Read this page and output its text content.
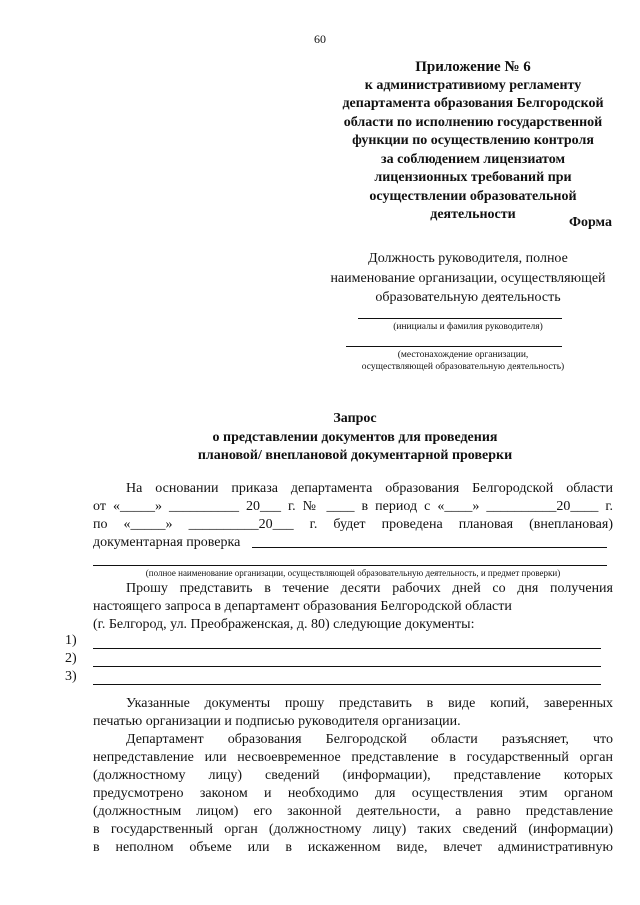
60
Приложение № 6
к административиому регламенту
департамента образования Белгородской
области по исполнению государственной
функции по осуществлению контроля
за соблюдением лицензиатом
лицензионных требований при
осуществлении образовательной
деятельности
Форма
Должность руководителя, полное
наименование организации, осуществляющей
образовательную деятельность
(инициалы и фамилия руководителя)
(местонахождение организации,
осуществляющей образовательную деятельность)
Запрос
о представлении документов для проведения
плановой/ внеплановой документарной проверки
На основании приказа департамента образования Белгородской области
от «_____» __________ 20___ г. № ____ в период с «____» __________20____ г.
по «_____» __________20___ г. будет проведена плановая (внеплановая)
документарная проверка
(полное наименование организации, осуществляющей образовательную деятельность, и предмет проверки)
Прошу представить в течение десяти рабочих дней со дня получения
настоящего запроса в департамент образования Белгородской области
(г. Белгород, ул. Преображенская, д. 80) следующие документы:
1)
2)
3)
Указанные документы прошу представить в виде копий, заверенных
печатью организации и подписью руководителя организации.
Департамент образования Белгородской области разъясняет, что
непредставление или несвоевременное представление в государственный орган
(должностному лицу) сведений (информации), представление которых
предусмотрено законом и необходимо для осуществления этим органом
(должностным лицом) его законной деятельности, а равно представление
в государственный орган (должностному лицу) таких сведений (информации)
в неполном объеме или в искаженном виде, влечет административную
